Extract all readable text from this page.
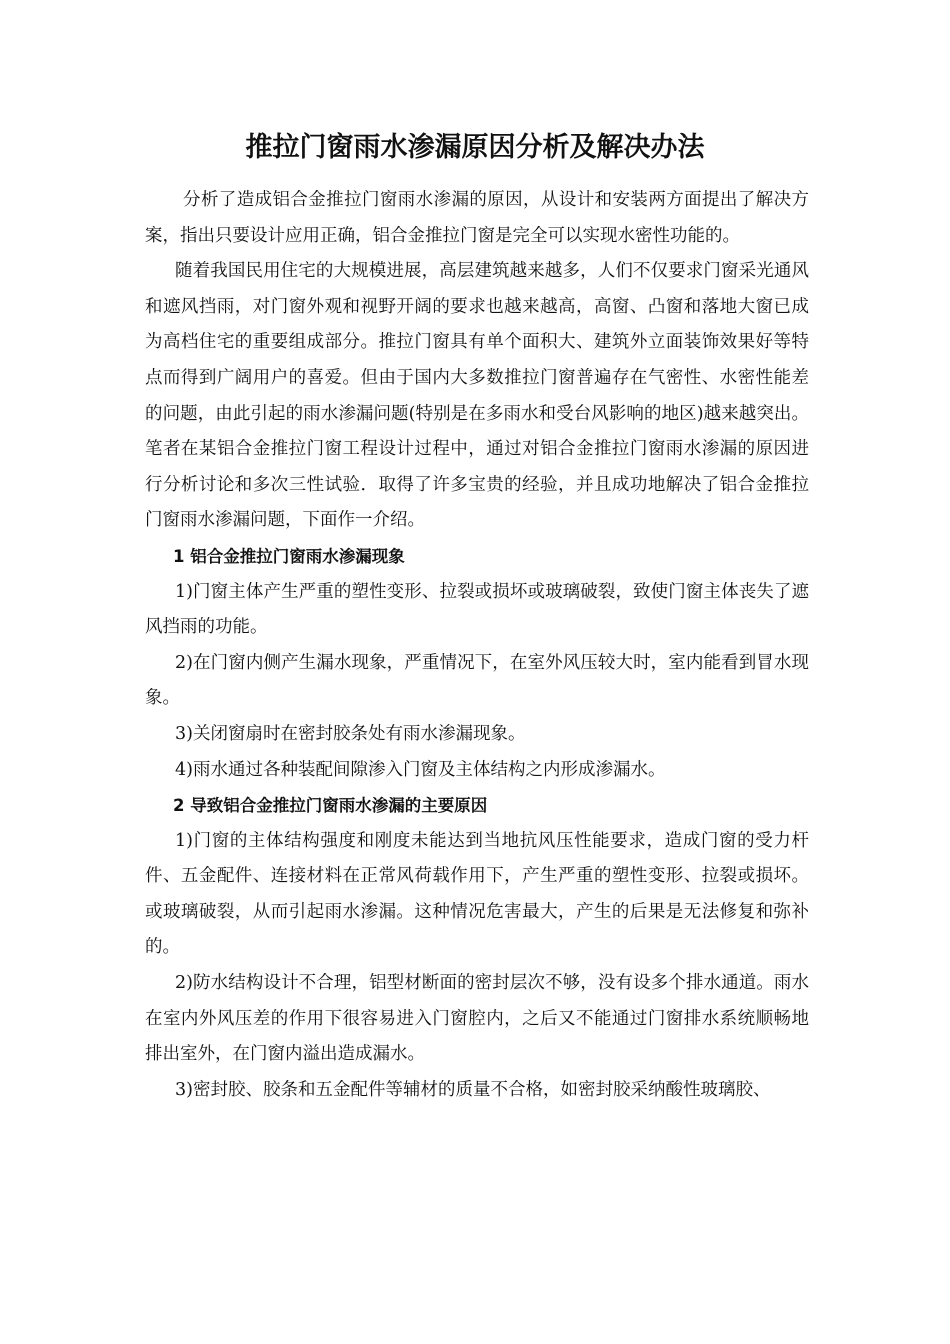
推拉门窗雨水渗漏原因分析及解决办法

分析了造成铝合金推拉门窗雨水渗漏的原因，从设计和安装两方面提出了解决方案，指出只要设计应用正确，铝合金推拉门窗是完全可以实现水密性功能的。

随着我国民用住宅的大规模进展，高层建筑越来越多，人们不仅要求门窗采光通风和遮风挡雨，对门窗外观和视野开阔的要求也越来越高，高窗、凸窗和落地大窗已成为高档住宅的重要组成部分。推拉门窗具有单个面积大、建筑外立面装饰效果好等特点而得到广阔用户的喜爱。但由于国内大多数推拉门窗普遍存在气密性、水密性能差的问题，由此引起的雨水渗漏问题(特别是在多雨水和受台风影响的地区)越来越突出。笔者在某铝合金推拉门窗工程设计过程中，通过对铝合金推拉门窗雨水渗漏的原因进行分析讨论和多次三性试验．取得了许多宝贵的经验，并且成功地解决了铝合金推拉门窗雨水渗漏问题，下面作一介绍。

1 铝合金推拉门窗雨水渗漏现象

1)门窗主体产生严重的塑性变形、拉裂或损坏或玻璃破裂，致使门窗主体丧失了遮风挡雨的功能。

2)在门窗内侧产生漏水现象，严重情况下，在室外风压较大时，室内能看到冒水现象。

3)关闭窗扇时在密封胶条处有雨水渗漏现象。

4)雨水通过各种装配间隙渗入门窗及主体结构之内形成渗漏水。

2 导致铝合金推拉门窗雨水渗漏的主要原因

1)门窗的主体结构强度和刚度未能达到当地抗风压性能要求，造成门窗的受力杆件、五金配件、连接材料在正常风荷载作用下，产生严重的塑性变形、拉裂或损坏。或玻璃破裂，从而引起雨水渗漏。这种情况危害最大，产生的后果是无法修复和弥补的。

2)防水结构设计不合理，铝型材断面的密封层次不够，没有设多个排水通道。雨水在室内外风压差的作用下很容易进入门窗腔内，之后又不能通过门窗排水系统顺畅地排出室外，在门窗内溢出造成漏水。

3)密封胶、胶条和五金配件等辅材的质量不合格，如密封胶采纳酸性玻璃胶、
